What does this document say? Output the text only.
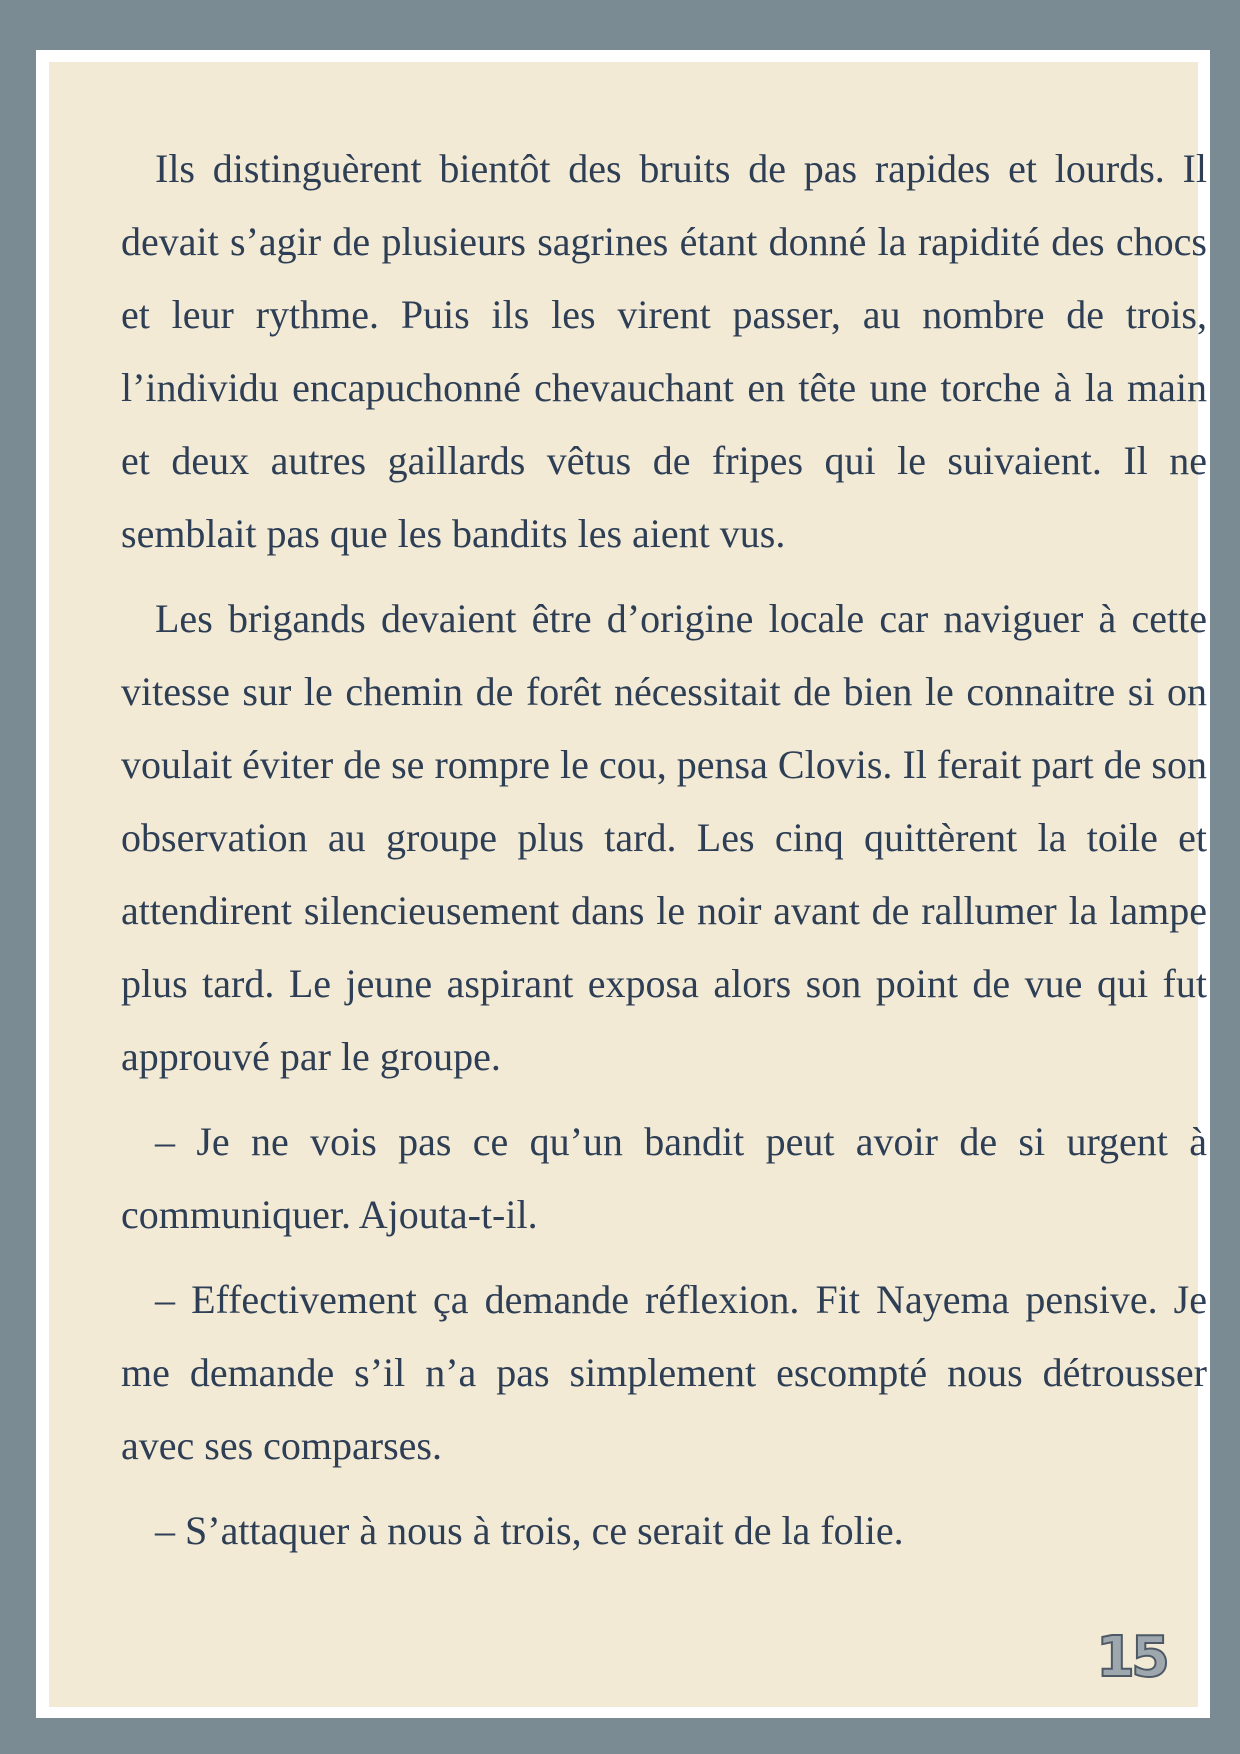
Ils distinguèrent bientôt des bruits de pas rapides et lourds. Il devait s’agir de plusieurs sagrines étant donné la rapidité des chocs et leur rythme. Puis ils les virent passer, au nombre de trois, l’individu encapuchonné chevauchant en tête une torche à la main et deux autres gaillards vêtus de fripes qui le suivaient. Il ne semblait pas que les bandits les aient vus.

Les brigands devaient être d’origine locale car naviguer à cette vitesse sur le chemin de forêt nécessitait de bien le connaitre si on voulait éviter de se rompre le cou, pensa Clovis. Il ferait part de son observation au groupe plus tard. Les cinq quittèrent la toile et attendirent silencieusement dans le noir avant de rallumer la lampe plus tard. Le jeune aspirant exposa alors son point de vue qui fut approuvé par le groupe.

– Je ne vois pas ce qu’un bandit peut avoir de si urgent à communiquer. Ajouta-t-il.

– Effectivement ça demande réflexion. Fit Nayema pensive. Je me demande s’il n’a pas simplement escompté nous détrousser avec ses comparses.

– S’attaquer à nous à trois, ce serait de la folie.

15
